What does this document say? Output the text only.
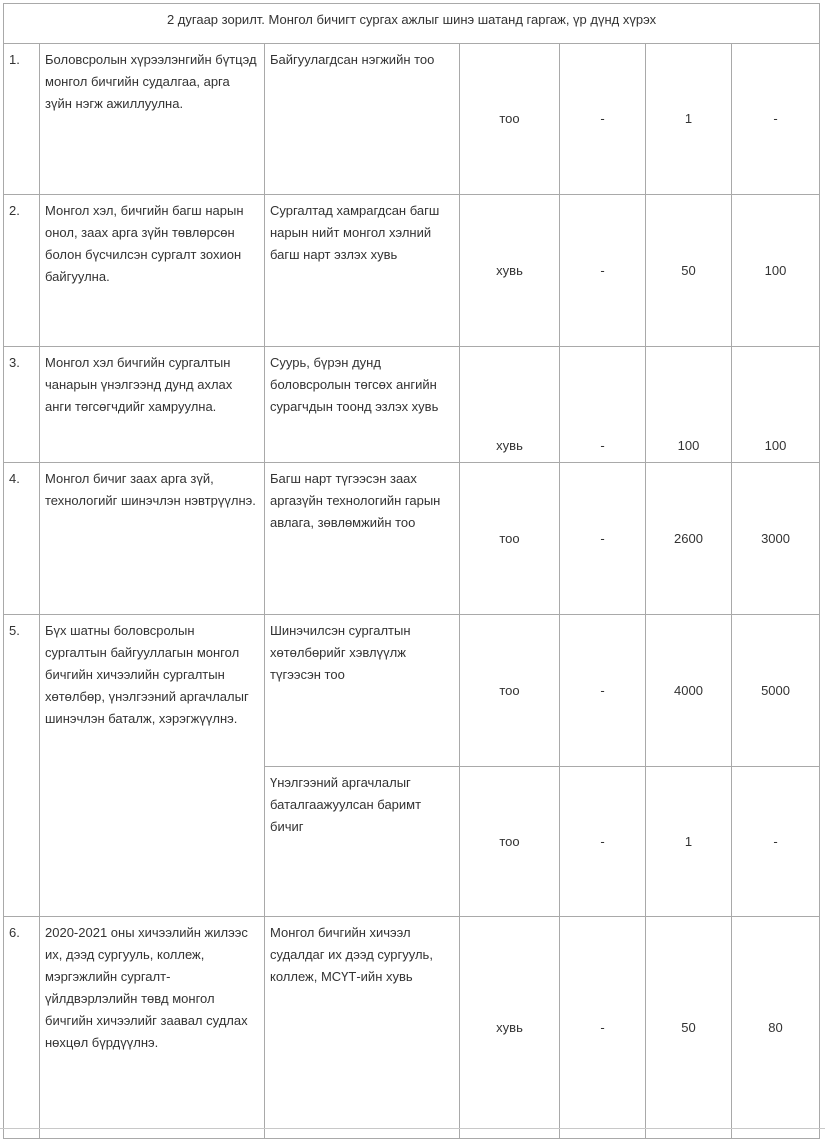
2 дугаар зорилт. Монгол бичигт сургах ажлыг шинэ шатанд гаргаж, үр дүнд хүрэх						
1.	Боловсролын хүрээлэнгийн бүтцэд монгол бичгийн судалгаа, арга зүйн нэгж ажиллуулна.	Байгуулагдсан нэгжийн тоо	тоо	-	1	-
2.	Монгол хэл, бичгийн багш нарын онол, заах арга зүйн төвлөрсөн болон бүсчилсэн сургалт зохион байгуулна.	Сургалтад хамрагдсан багш нарын нийт монгол хэлний багш нарт эзлэх хувь	хувь	-	50	100
3.	Монгол хэл бичгийн сургалтын чанарын үнэлгээнд дунд ахлах анги төгсөгчдийг хамруулна.	Суурь, бүрэн дунд боловсролын төгсөх ангийн сурагчдын тоонд эзлэх хувь	хувь	-	100	100
4.	Монгол бичиг заах арга зүй, технологийг шинэчлэн нэвтрүүлнэ.	Багш нарт түгээсэн заах аргазүйн технологийн гарын авлага, зөвлөмжийн тоо	тоо	-	2600	3000
5.	Бүх шатны боловсролын сургалтын байгууллагын монгол бичгийн хичээлийн сургалтын хөтөлбөр, үнэлгээний аргачлалыг шинэчлэн баталж, хэрэгжүүлнэ.	Шинэчилсэн сургалтын хөтөлбөрийг хэвлүүлж түгээсэн тоо	тоо	-	4000	5000
		Үнэлгээний аргачлалыг баталгаажуулсан баримт бичиг	тоо	-	1	-
6.	2020-2021 оны хичээлийн жилээс их, дээд сургууль, коллеж, мэргэжлийн сургалт-үйлдвэрлэлийн төвд монгол бичгийн хичээлийг заавал судлах нөхцөл бүрдүүлнэ.	Монгол бичгийн хичээл судалдаг их дээд сургууль, коллеж, МСҮТ-ийн хувь	хувь	-	50	80
